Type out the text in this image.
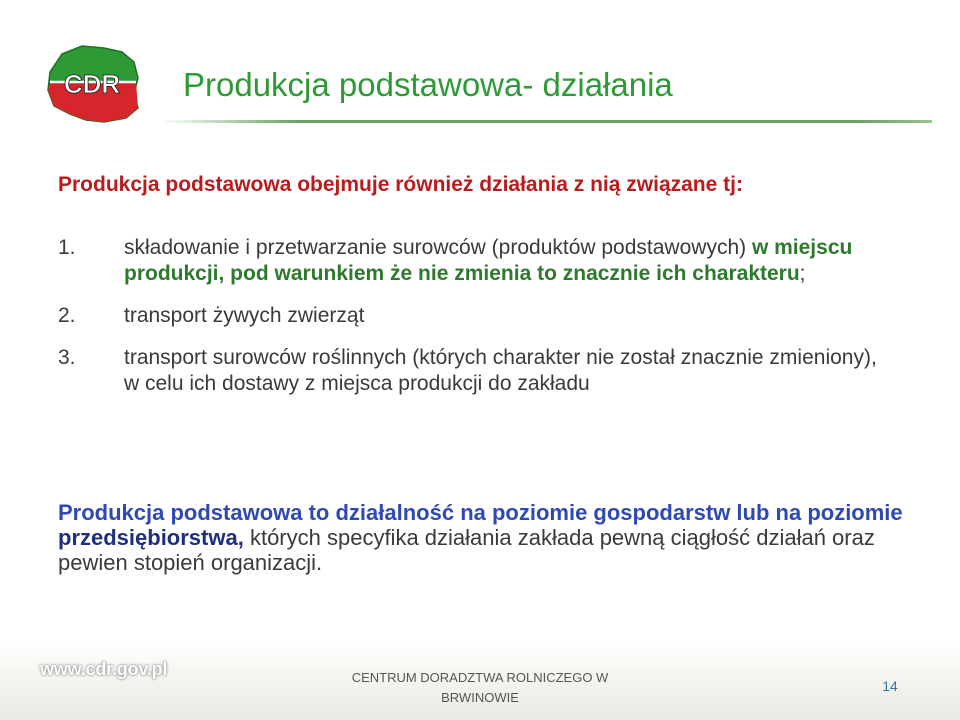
CDR Produkcja podstawowa- działania
Produkcja podstawowa obejmuje również działania z nią związane tj:
1. składowanie i przetwarzanie surowców (produktów podstawowych) w miejscu produkcji, pod warunkiem że nie zmienia to znacznie ich charakteru;
2. transport żywych zwierząt
3. transport surowców roślinnych (których charakter nie został znacznie zmieniony), w celu ich dostawy z miejsca produkcji do zakładu
Produkcja podstawowa to działalność na poziomie gospodarstw lub na poziomie przedsiębiorstwa, których specyfika działania zakłada pewną ciągłość działań oraz pewien stopień organizacji.
www.cdr.gov.pl	CENTRUM DORADZTWA ROLNICZEGO W BRWINOWIE
14
